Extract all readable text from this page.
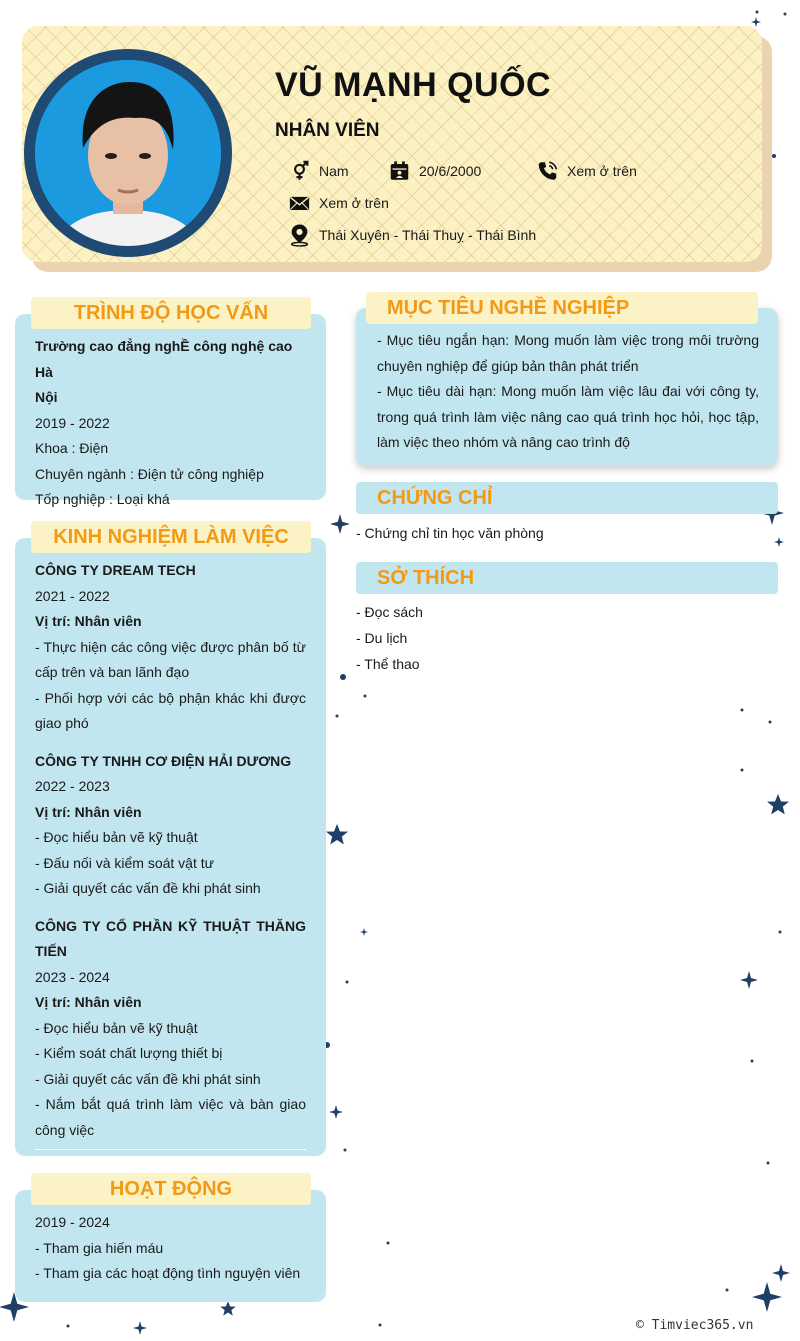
VŨ MẠNH QUỐC
NHÂN VIÊN
Nam	20/6/2000	Xem ở trên
Xem ở trên
Thái Xuyên - Thái Thuỵ - Thái Bình
TRÌNH ĐỘ HỌC VẤN
Trường cao đẳng nghỀ công nghệ cao Hà
Nội
2019 - 2022
Khoa : Điện
Chuyên ngành : Điện tử công nghiệp
Tốp nghiệp : Loại khá
KINH NGHIỆM LÀM VIỆC
CÔNG TY DREAM TECH
2021 - 2022
Vị trí: Nhân viên
- Thực hiện các công việc được phân bố từ
cấp trên và ban lãnh đạo
- Phối hợp với các bộ phận khác khi được
giao phó
CÔNG TY TNHH CƠ ĐIỆN HẢI DƯƠNG
2022 - 2023
Vị trí: Nhân viên
- Đọc hiểu bản vẽ kỹ thuật
- Đấu nối và kiểm soát vật tư
- Giải quyết các vấn đề khi phát sinh
CÔNG TY CỔ PHẦN KỸ THUẬT THĂNG
TIẾN
2023 - 2024
Vị trí: Nhân viên
- Đọc hiểu bản vẽ kỹ thuật
- Kiểm soát chất lượng thiết bị
- Giải quyết các vấn đề khi phát sinh
- Nắm bắt quá trình làm việc và bàn giao
công việc
HOẠT ĐỘNG
2019 - 2024
- Tham gia hiến máu
- Tham gia các hoạt động tình nguyện viên
MỤC TIÊU NGHỀ NGHIỆP
- Mục tiêu ngắn hạn: Mong muốn làm việc trong môi trường
chuyên nghiệp để giúp bản thân phát triển
- Mục tiêu dài hạn: Mong muốn làm việc lâu đai với công ty,
trong quá trình làm việc nâng cao quá trình học hỏi, học tập,
làm việc theo nhóm và nâng cao trình độ
CHỨNG CHỈ
- Chứng chỉ tin học văn phòng
SỞ THÍCH
- Đọc sách
- Du lịch
- Thể thao
© Timviec365.vn
